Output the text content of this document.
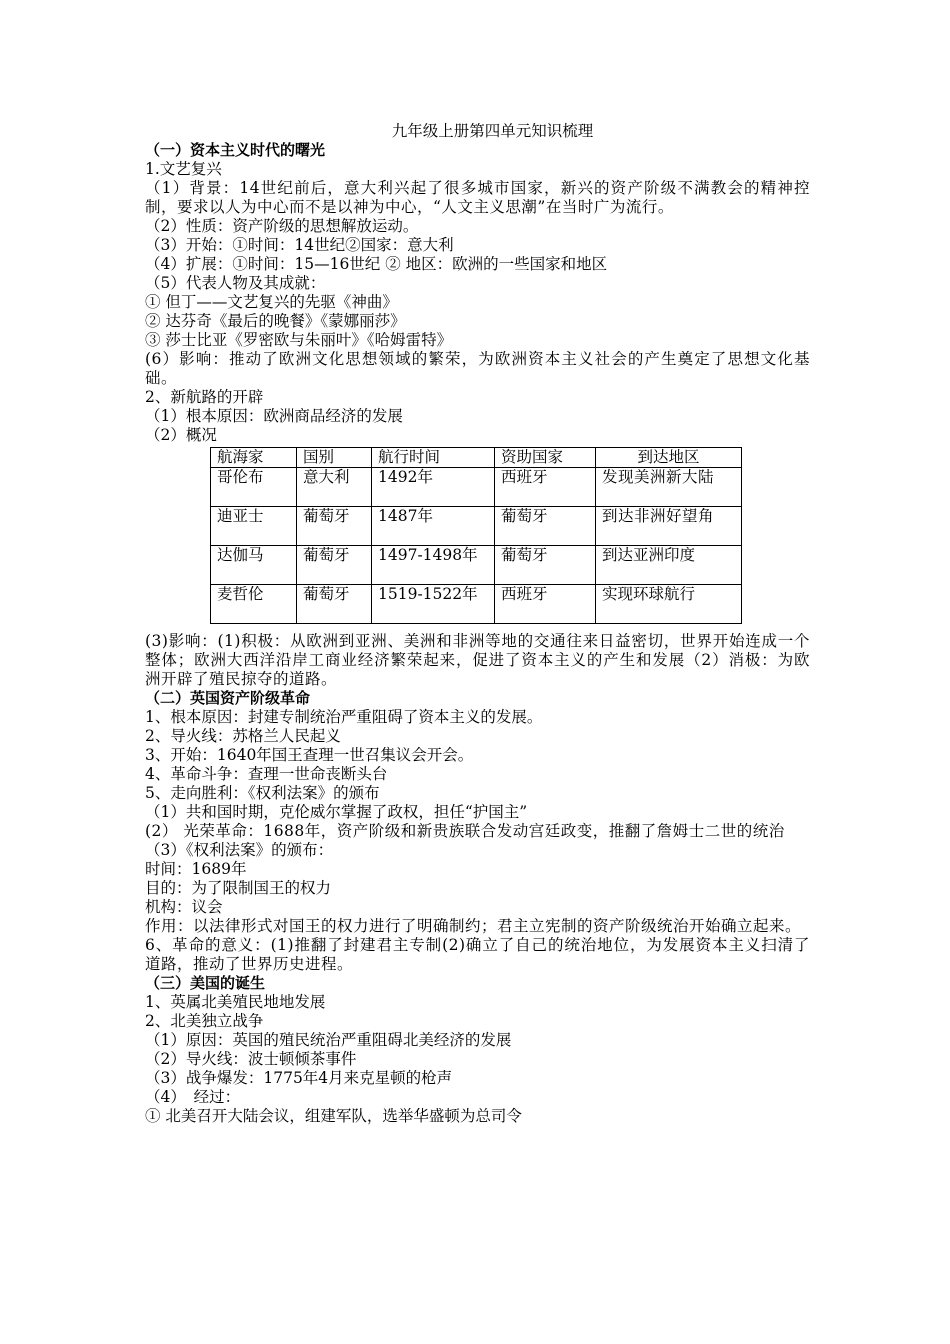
九年级上册第四单元知识梳理

（一）资本主义时代的曙光

1.文艺复兴

（1）背景：14世纪前后，意大利兴起了很多城市国家，新兴的资产阶级不满教会的精神控制，要求以人为中心而不是以神为中心，“人文主义思潮”在当时广为流行。

（2）性质：资产阶级的思想解放运动。

（3）开始：①时间：14世纪②国家：意大利

（4）扩展：①时间：15—16世纪 ② 地区：欧洲的一些国家和地区

（5）代表人物及其成就：

① 但丁——文艺复兴的先驱《神曲》

② 达芬奇《最后的晚餐》《蒙娜丽莎》

③ 莎士比亚《罗密欧与朱丽叶》《哈姆雷特》

(6）影响：推动了欧洲文化思想领域的繁荣，为欧洲资本主义社会的产生奠定了思想文化基础。

2、新航路的开辟

（1）根本原因：欧洲商品经济的发展

（2）概况

航海家	国别	航行时间	资助国家	到达地区
哥伦布	意大利	1492年	西班牙	发现美洲新大陆
迪亚士	葡萄牙	1487年	葡萄牙	到达非洲好望角
达伽马	葡萄牙	1497-1498年	葡萄牙	到达亚洲印度
麦哲伦	葡萄牙	1519-1522年	西班牙	实现环球航行

(3)影响：(1)积极：从欧洲到亚洲、美洲和非洲等地的交通往来日益密切，世界开始连成一个整体；欧洲大西洋沿岸工商业经济繁荣起来，促进了资本主义的产生和发展（2）消极：为欧洲开辟了殖民掠夺的道路。

（二）英国资产阶级革命

1、根本原因：封建专制统治严重阻碍了资本主义的发展。

2、导火线：苏格兰人民起义

3、开始：1640年国王查理一世召集议会开会。

4、革命斗争：查理一世命丧断头台

5、走向胜利：《权利法案》的颁布

（1）共和国时期，克伦威尔掌握了政权，担任“护国主”

(2） 光荣革命：1688年，资产阶级和新贵族联合发动宫廷政变，推翻了詹姆士二世的统治

（3）《权利法案》的颁布：

时间：1689年

目的：为了限制国王的权力

机构：议会

作用：以法律形式对国王的权力进行了明确制约；君主立宪制的资产阶级统治开始确立起来。

6、革命的意义：(1)推翻了封建君主专制(2)确立了自己的统治地位，为发展资本主义扫清了道路，推动了世界历史进程。

（三）美国的诞生

1、英属北美殖民地地发展

2、北美独立战争

（1）原因：英国的殖民统治严重阻碍北美经济的发展

（2）导火线：波士顿倾茶事件

（3）战争爆发：1775年4月来克星顿的枪声

（4）　经过：

① 北美召开大陆会议，组建军队，选举华盛顿为总司令
